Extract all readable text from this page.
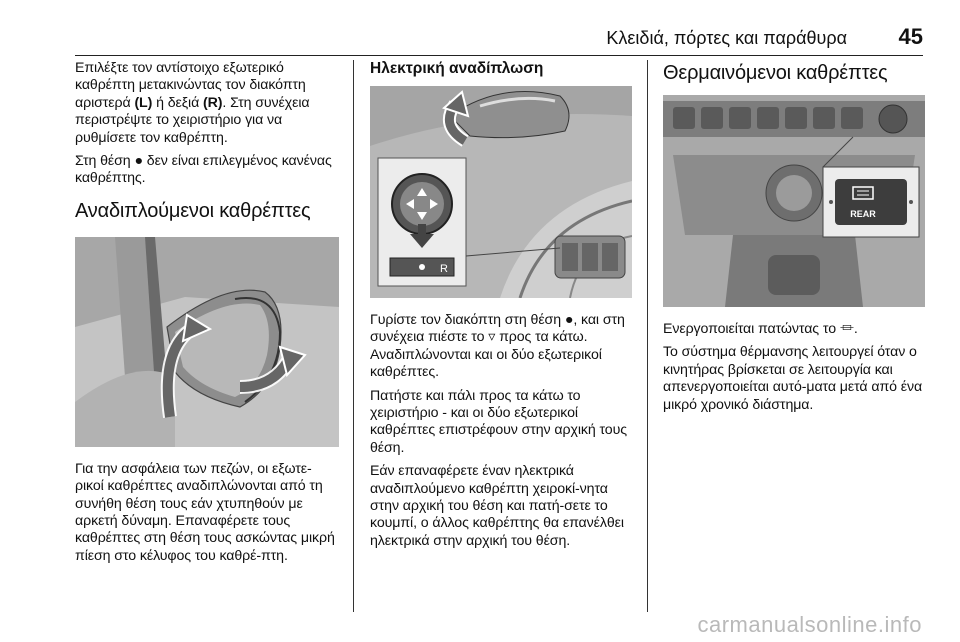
Κλειδιά, πόρτες και παράθυρα 45

Επιλέξτε τον αντίστοιχο εξωτερικό καθρέπτη μετακινώντας τον διακόπτη αριστερά (L) ή δεξιά (R). Στη συνέχεια περιστρέψτε το χειριστήριο για να ρυθμίσετε τον καθρέπτη.

Στη θέση ● δεν είναι επιλεγμένος κανένας καθρέπτης.

Αναδιπλούμενοι καθρέπτες

Για την ασφάλεια των πεζών, οι εξωτε-ρικοί καθρέπτες αναδιπλώνονται από τη συνήθη θέση τους εάν χτυπηθούν με αρκετή δύναμη. Επαναφέρετε τους καθρέπτες στη θέση τους ασκώντας μικρή πίεση στο κέλυφος του καθρέ-πτη.

Ηλεκτρική αναδίπλωση
R

Γυρίστε τον διακόπτη στη θέση ●, και στη συνέχεια πιέστε το ▿ προς τα κάτω. Αναδιπλώνονται και οι δύο εξωτερικοί καθρέπτες.

Πατήστε και πάλι προς τα κάτω το χειριστήριο - και οι δύο εξωτερικοί καθρέπτες επιστρέφουν στην αρχική τους θέση.

Εάν επαναφέρετε έναν ηλεκτρικά αναδιπλούμενο καθρέπτη χειροκί-νητα στην αρχική του θέση και πατή-σετε το κουμπί, ο άλλος καθρέπτης θα επανέλθει ηλεκτρικά στην αρχική του θέση.

Θερμαινόμενοι καθρέπτες
REAR

Ενεργοποιείται πατώντας το ⏛.

Το σύστημα θέρμανσης λειτουργεί όταν ο κινητήρας βρίσκεται σε λειτουργία και απενεργοποιείται αυτό-ματα μετά από ένα μικρό χρονικό διάστημα.

carmanualsonline.info
